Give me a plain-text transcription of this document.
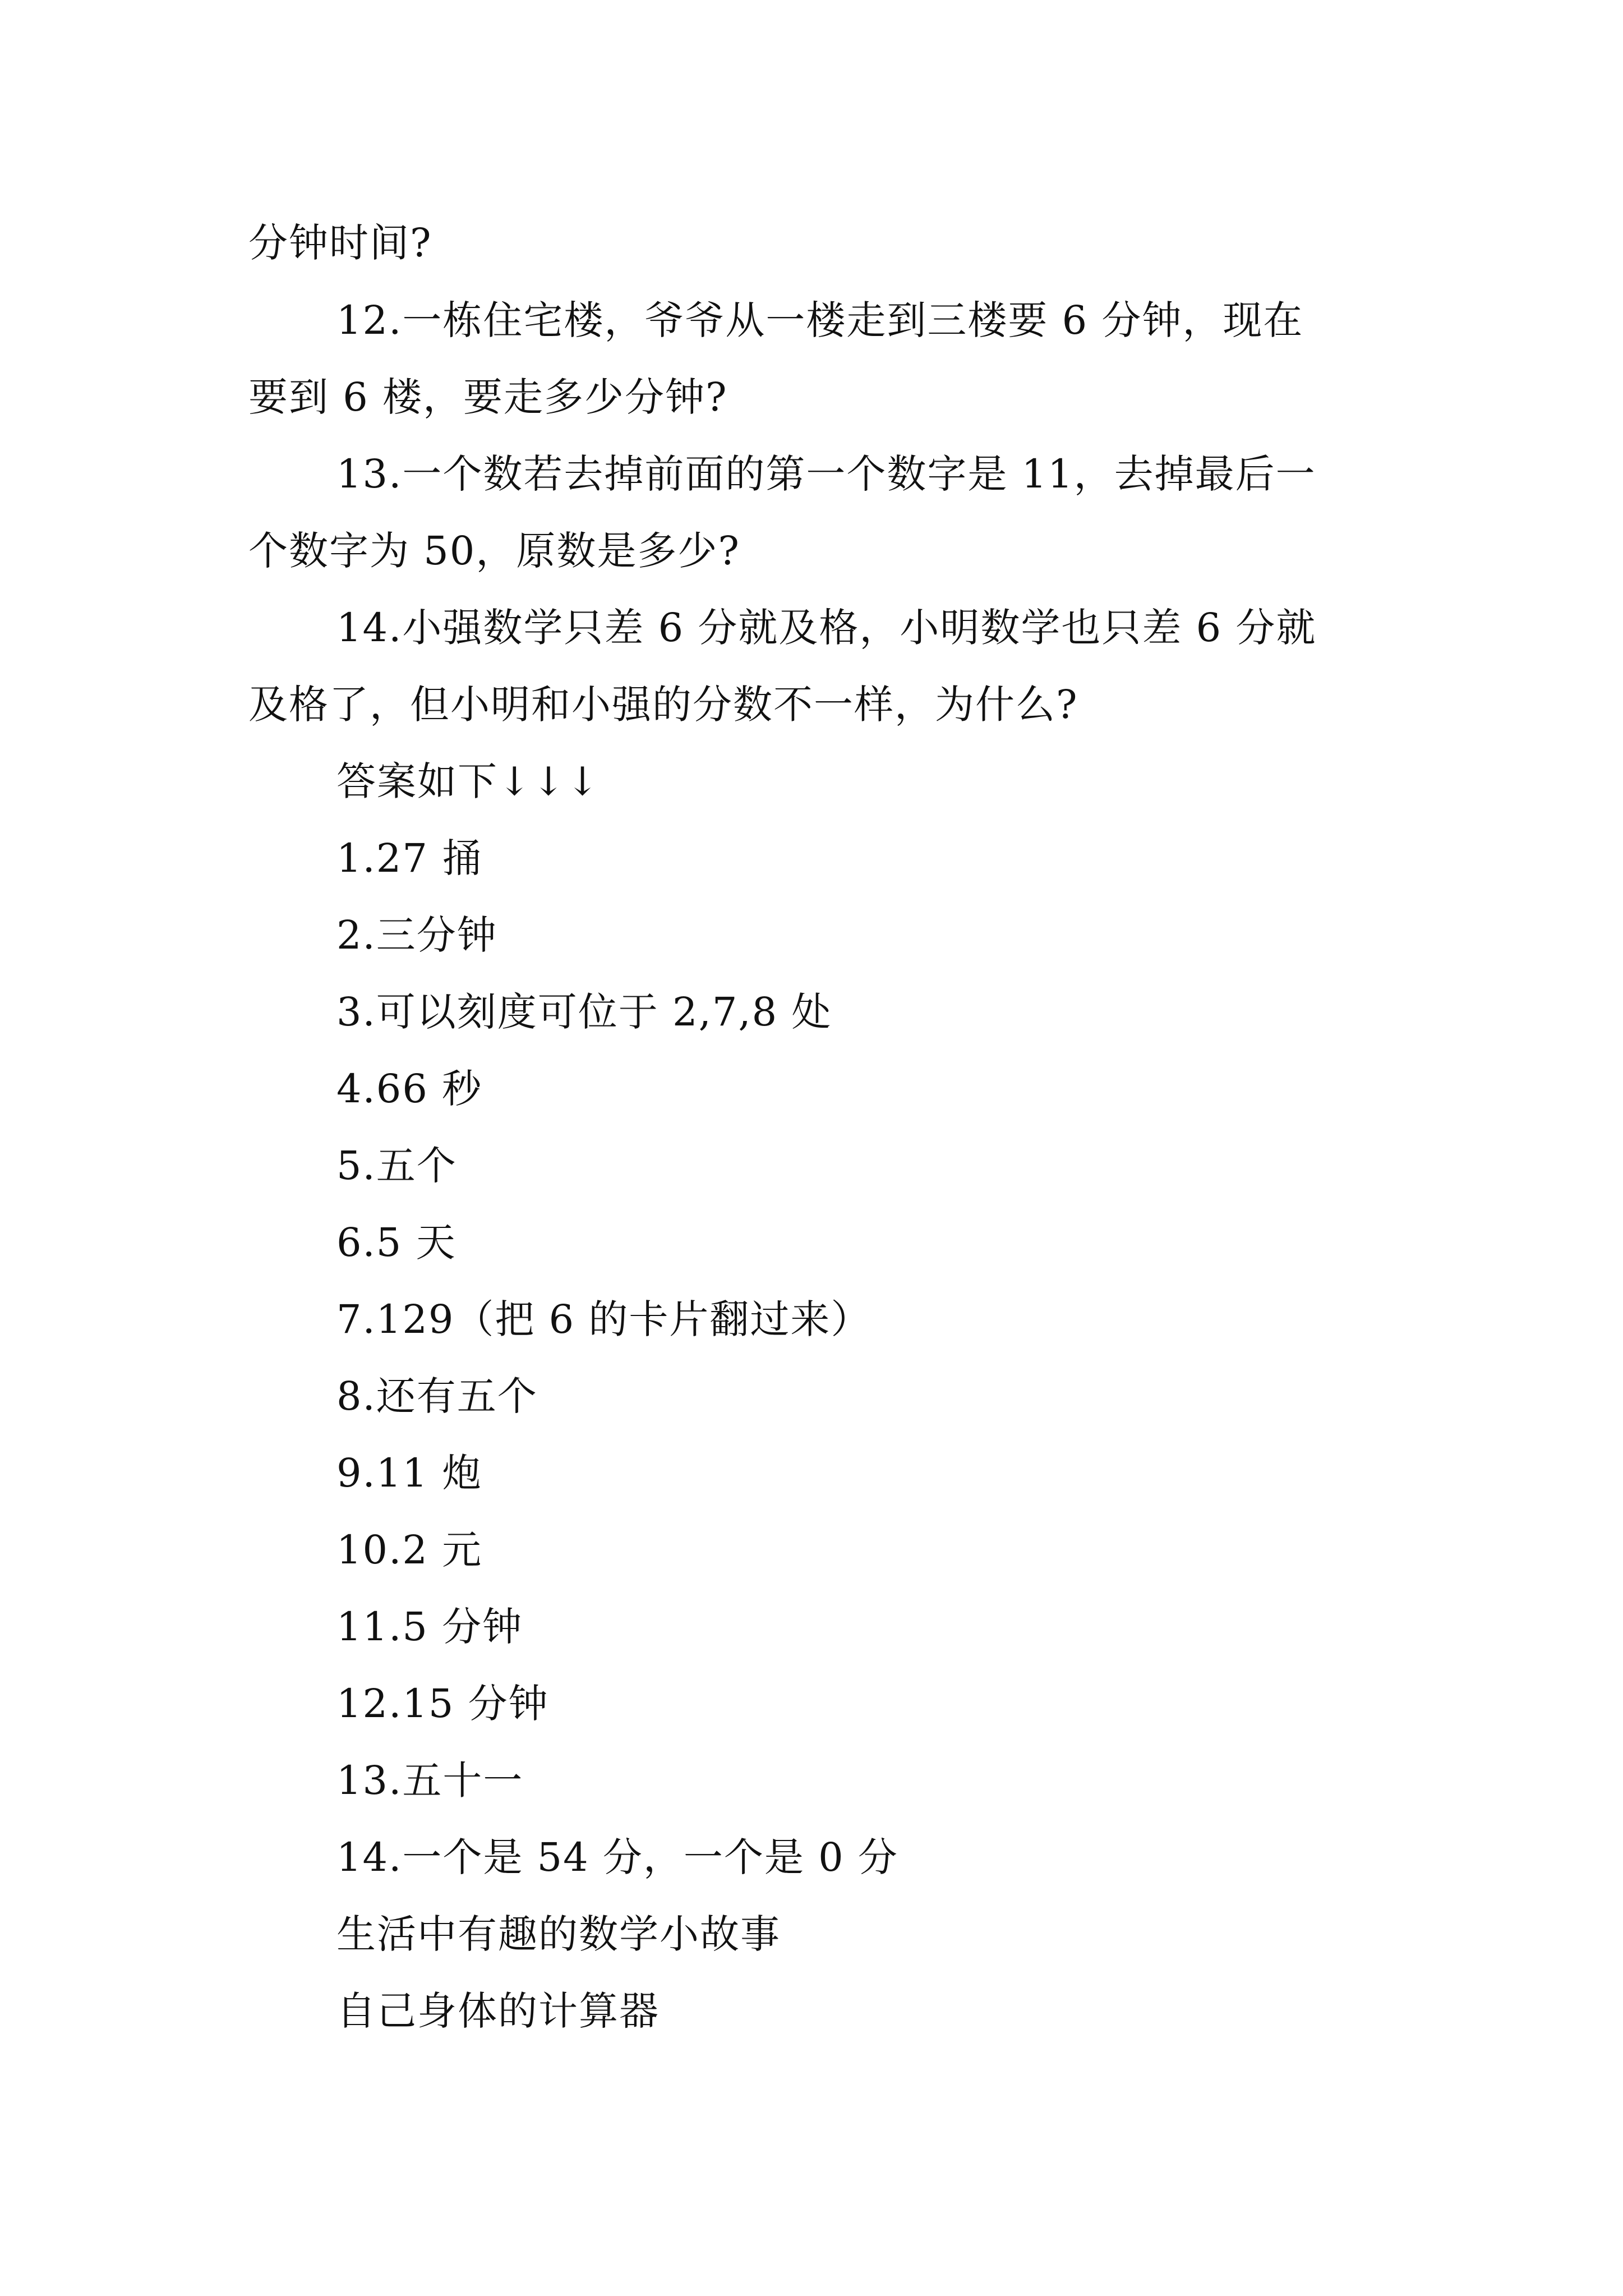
分钟时间?
12.一栋住宅楼，爷爷从一楼走到三楼要 6 分钟，现在
要到 6 楼，要走多少分钟?
13.一个数若去掉前面的第一个数字是 11，去掉最后一
个数字为 50，原数是多少?
14.小强数学只差 6 分就及格，小明数学也只差 6 分就
及格了，但小明和小强的分数不一样，为什么?
答案如下↓↓↓
1.27 捅
2.三分钟
3.可以刻度可位于 2,7,8 处
4.66 秒
5.五个
6.5 天
7.129（把 6 的卡片翻过来）
8.还有五个
9.11 炮
10.2 元
11.5 分钟
12.15 分钟
13.五十一
14.一个是 54 分，一个是 0 分
生活中有趣的数学小故事
自己身体的计算器
